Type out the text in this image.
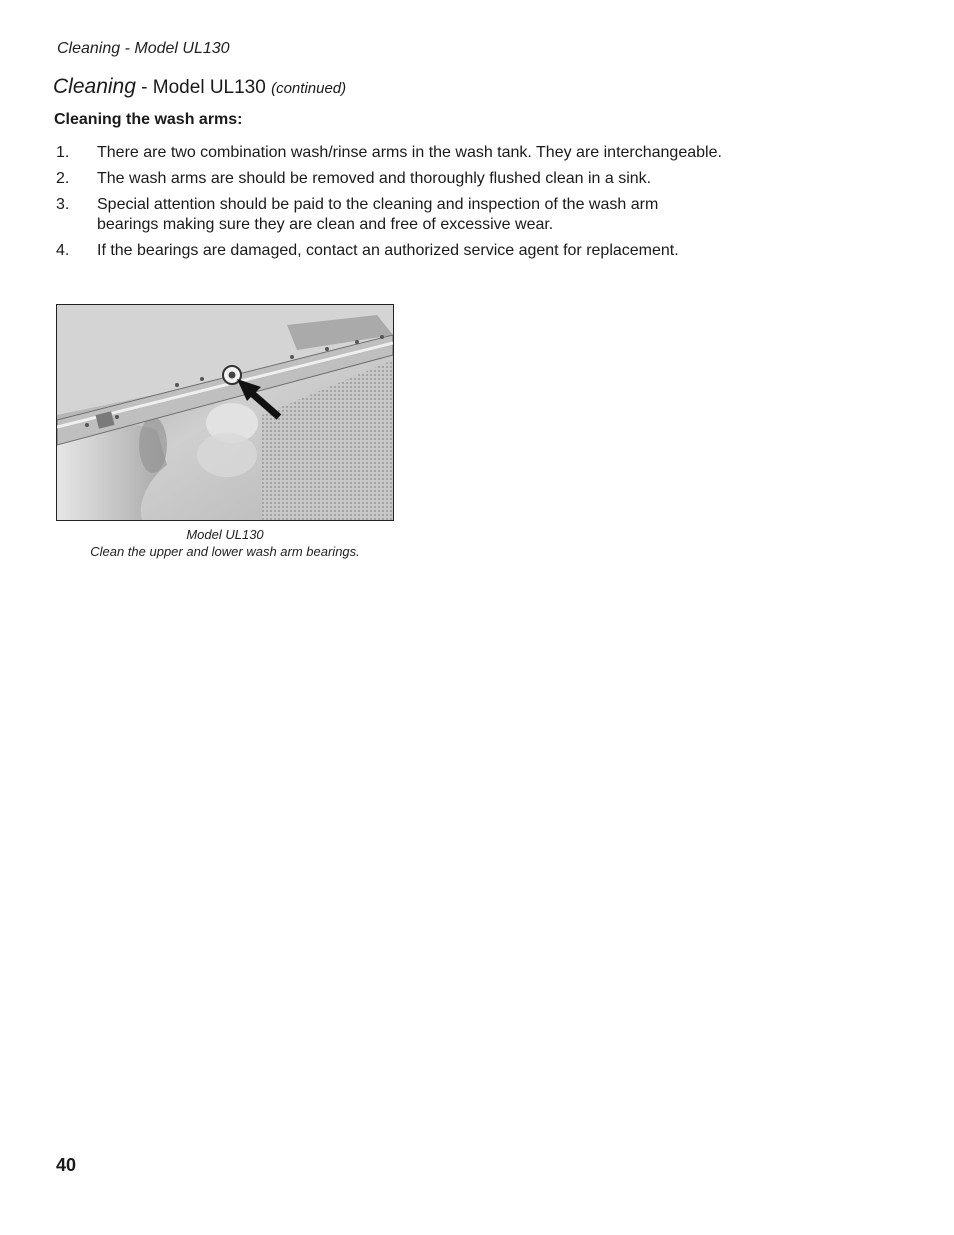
Cleaning - Model UL130
Cleaning - Model UL130 (continued)
Cleaning the wash arms:
1.	There are two combination wash/rinse arms in the wash tank. They are interchangeable.
2.	The wash arms are should be removed and thoroughly flushed clean in a sink.
3.	Special attention should be paid to the cleaning and inspection of the wash arm bearings making sure they are clean and free of excessive wear.
4.	If the bearings are damaged, contact an authorized service agent for replacement.
Model UL130
Clean the upper and lower wash arm bearings.
40
